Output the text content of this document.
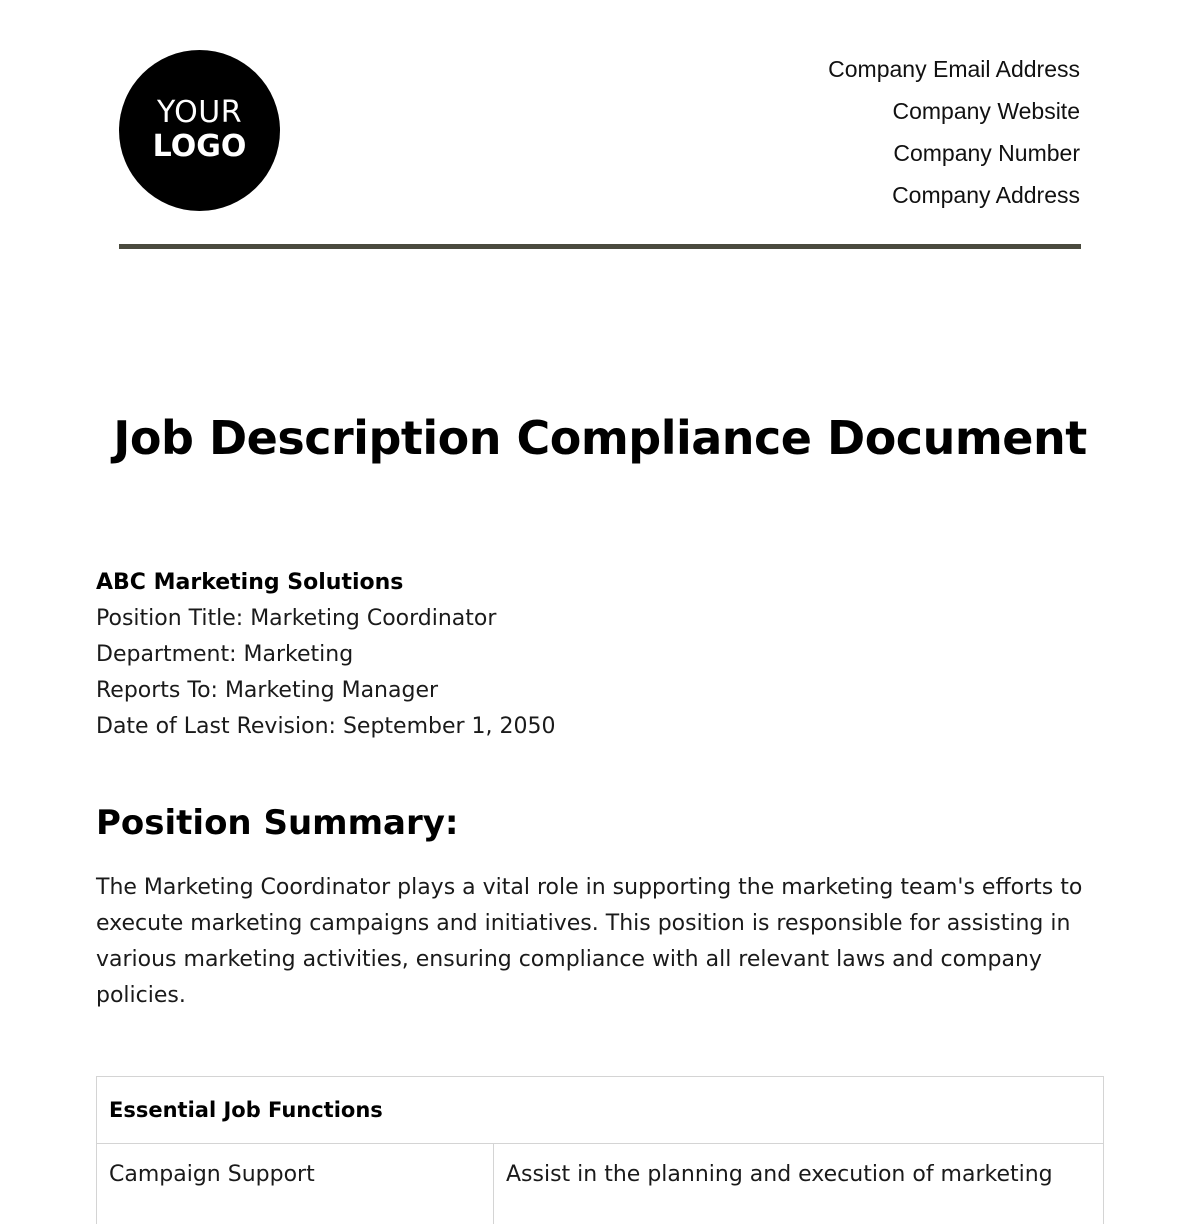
YOUR
LOGO
Company Email Address
Company Website
Company Number
Company Address
Job Description Compliance Document
ABC Marketing Solutions
Position Title: Marketing Coordinator
Department: Marketing
Reports To: Marketing Manager
Date of Last Revision: September 1, 2050
Position Summary:
The Marketing Coordinator plays a vital role in supporting the marketing team's efforts to execute marketing campaigns and initiatives. This position is responsible for assisting in various marketing activities, ensuring compliance with all relevant laws and company policies.
Essential Job Functions
Campaign Support	Assist in the planning and execution of marketing
